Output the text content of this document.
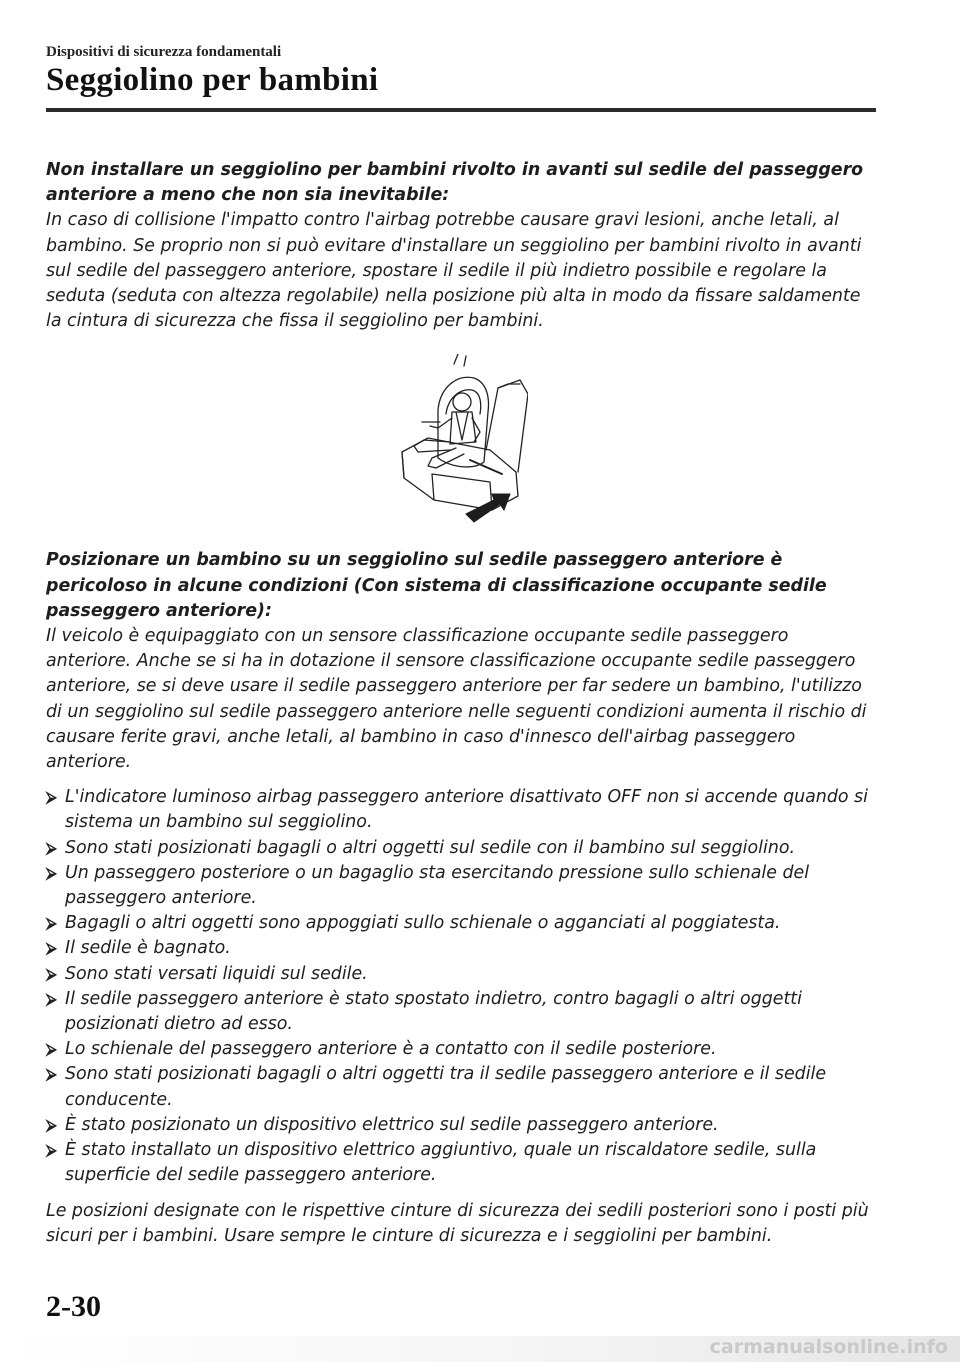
Dispositivi di sicurezza fondamentali
Seggiolino per bambini

Non installare un seggiolino per bambini rivolto in avanti sul sedile del passeggero anteriore a meno che non sia inevitabile:

In caso di collisione l'impatto contro l'airbag potrebbe causare gravi lesioni, anche letali, al bambino. Se proprio non si può evitare d'installare un seggiolino per bambini rivolto in avanti sul sedile del passeggero anteriore, spostare il sedile il più indietro possibile e regolare la seduta (seduta con altezza regolabile) nella posizione più alta in modo da fissare saldamente la cintura di sicurezza che fissa il seggiolino per bambini.

Posizionare un bambino su un seggiolino sul sedile passeggero anteriore è pericoloso in alcune condizioni (Con sistema di classificazione occupante sedile passeggero anteriore):

Il veicolo è equipaggiato con un sensore classificazione occupante sedile passeggero anteriore. Anche se si ha in dotazione il sensore classificazione occupante sedile passeggero anteriore, se si deve usare il sedile passeggero anteriore per far sedere un bambino, l'utilizzo di un seggiolino sul sedile passeggero anteriore nelle seguenti condizioni aumenta il rischio di causare ferite gravi, anche letali, al bambino in caso d'innesco dell'airbag passeggero anteriore.

⮚ L'indicatore luminoso airbag passeggero anteriore disattivato OFF non si accende quando si sistema un bambino sul seggiolino.
⮚ Sono stati posizionati bagagli o altri oggetti sul sedile con il bambino sul seggiolino.
⮚ Un passeggero posteriore o un bagaglio sta esercitando pressione sullo schienale del passeggero anteriore.
⮚ Bagagli o altri oggetti sono appoggiati sullo schienale o agganciati al poggiatesta.
⮚ Il sedile è bagnato.
⮚ Sono stati versati liquidi sul sedile.
⮚ Il sedile passeggero anteriore è stato spostato indietro, contro bagagli o altri oggetti posizionati dietro ad esso.
⮚ Lo schienale del passeggero anteriore è a contatto con il sedile posteriore.
⮚ Sono stati posizionati bagagli o altri oggetti tra il sedile passeggero anteriore e il sedile conducente.
⮚ È stato posizionato un dispositivo elettrico sul sedile passeggero anteriore.
⮚ È stato installato un dispositivo elettrico aggiuntivo, quale un riscaldatore sedile, sulla superficie del sedile passeggero anteriore.

Le posizioni designate con le rispettive cinture di sicurezza dei sedili posteriori sono i posti più sicuri per i bambini. Usare sempre le cinture di sicurezza e i seggiolini per bambini.

2-30
carmanualsonline.info
